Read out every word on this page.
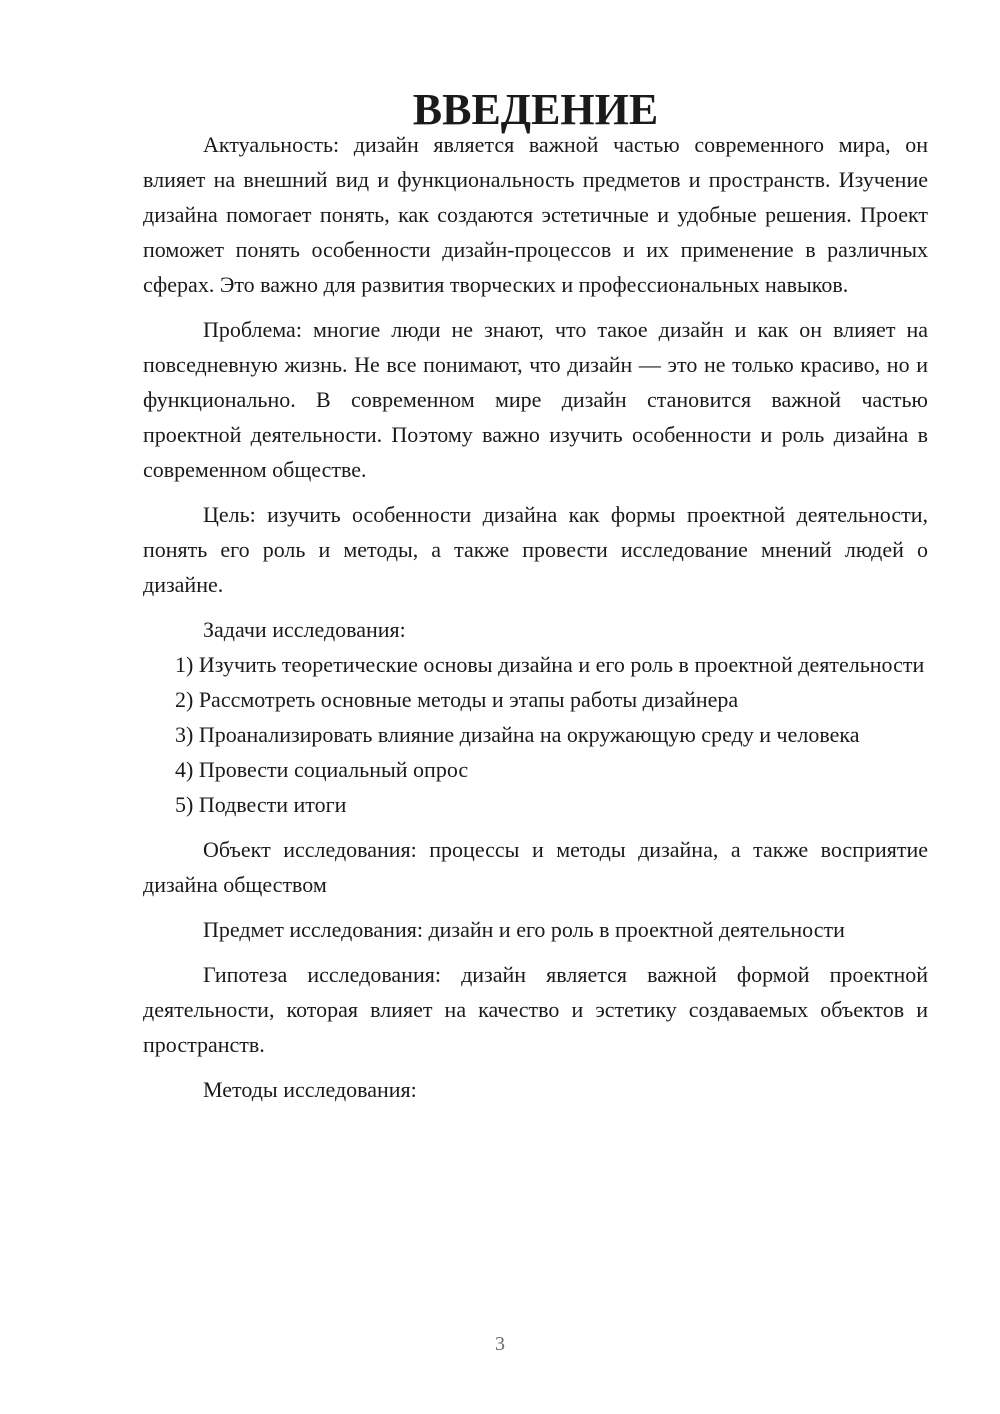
ВВЕДЕНИЕ

Актуальность: дизайн является важной частью современного мира, он влияет на внешний вид и функциональность предметов и пространств. Изучение дизайна помогает понять, как создаются эстетичные и удобные решения. Проект поможет понять особенности дизайн-процессов и их применение в различных сферах. Это важно для развития творческих и профессиональных навыков.

Проблема: многие люди не знают, что такое дизайн и как он влияет на повседневную жизнь. Не все понимают, что дизайн — это не только красиво, но и функционально. В современном мире дизайн становится важной частью проектной деятельности. Поэтому важно изучить особенности и роль дизайна в современном обществе.

Цель: изучить особенности дизайна как формы проектной деятельности, понять его роль и методы, а также провести исследование мнений людей о дизайне.

Задачи исследования:

1) Изучить теоретические основы дизайна и его роль в проектной деятельности

2) Рассмотреть основные методы и этапы работы дизайнера

3) Проанализировать влияние дизайна на окружающую среду и человека

4) Провести социальный опрос

5) Подвести итоги

Объект исследования: процессы и методы дизайна, а также восприятие дизайна обществом

Предмет исследования: дизайн и его роль в проектной деятельности

Гипотеза исследования: дизайн является важной формой проектной деятельности, которая влияет на качество и эстетику создаваемых объектов и пространств.

Методы исследования:

3
